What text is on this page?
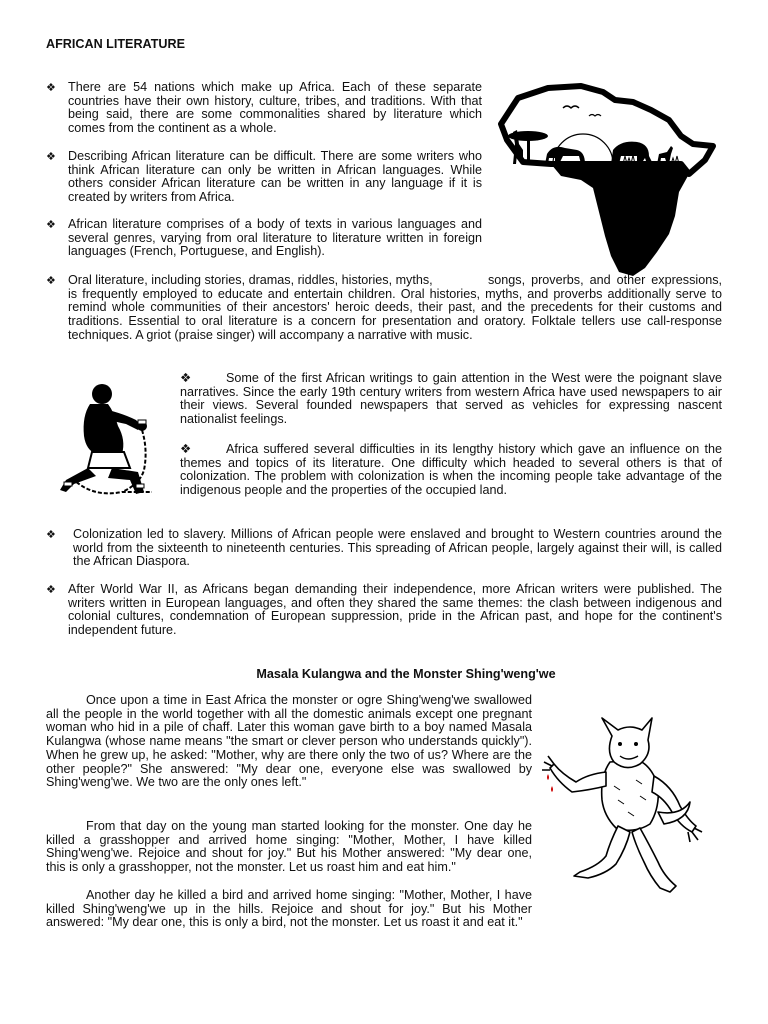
AFRICAN LITERATURE
❖ There are 54 nations which make up Africa. Each of these separate countries have their own history, culture, tribes, and traditions. With that being said, there are some commonalities shared by literature which comes from the continent as a whole.
❖ Describing African literature can be difficult. There are some writers who think African literature can only be written in African languages. While others consider African literature can be written in any language if it is created by writers from Africa.
❖ African literature comprises of a body of texts in various languages and several genres, varying from oral literature to literature written in foreign languages (French, Portuguese, and English).
❖ Oral literature, including stories, dramas, riddles, histories, myths,	songs, proverbs, and other expressions, is frequently employed to educate and entertain children. Oral histories, myths, and proverbs additionally serve to remind whole communities of their ancestors' heroic deeds, their past, and the precedents for their customs and traditions. Essential to oral literature is a concern for presentation and oratory. Folktale tellers use call-response techniques. A griot (praise singer) will accompany a narrative with music.
❖	Some of the first African writings to gain attention in the West were the poignant slave narratives. Since the early 19th century writers from western Africa have used newspapers to air their views. Several founded newspapers that served as vehicles for expressing nascent nationalist feelings.
❖	Africa suffered several difficulties in its lengthy history which gave an influence on the themes and topics of its literature. One difficulty which headed to several others is that of colonization. The problem with colonization is when the incoming people take advantage of the indigenous people and the properties of the occupied land.
❖ Colonization led to slavery. Millions of African people were enslaved and brought to Western countries around the world from the sixteenth to nineteenth centuries. This spreading of African people, largely against their will, is called the African Diaspora.
❖ After World War II, as Africans began demanding their independence, more African writers were published. The writers written in European languages, and often they shared the same themes: the clash between indigenous and colonial cultures, condemnation of European suppression, pride in the African past, and hope for the continent's independent future.
Masala Kulangwa and the Monster Shing'weng'we
Once upon a time in East Africa the monster or ogre Shing'weng'we swallowed all the people in the world together with all the domestic animals except one pregnant woman who hid in a pile of chaff. Later this woman gave birth to a boy named Masala Kulangwa (whose name means "the smart or clever person who understands quickly"). When he grew up, he asked: "Mother, why are there only the two of us? Where are the other people?" She answered: "My dear one, everyone else was swallowed by Shing'weng'we. We two are the only ones left."
From that day on the young man started looking for the monster. One day he killed a grasshopper and arrived home singing: "Mother, Mother, I have killed Shing'weng'we. Rejoice and shout for joy." But his Mother answered: "My dear one, this is only a grasshopper, not the monster. Let us roast him and eat him."
Another day he killed a bird and arrived home singing: "Mother, Mother, I have killed Shing'weng'we up in the hills. Rejoice and shout for joy." But his Mother answered: "My dear one, this is only a bird, not the monster. Let us roast it and eat it."
